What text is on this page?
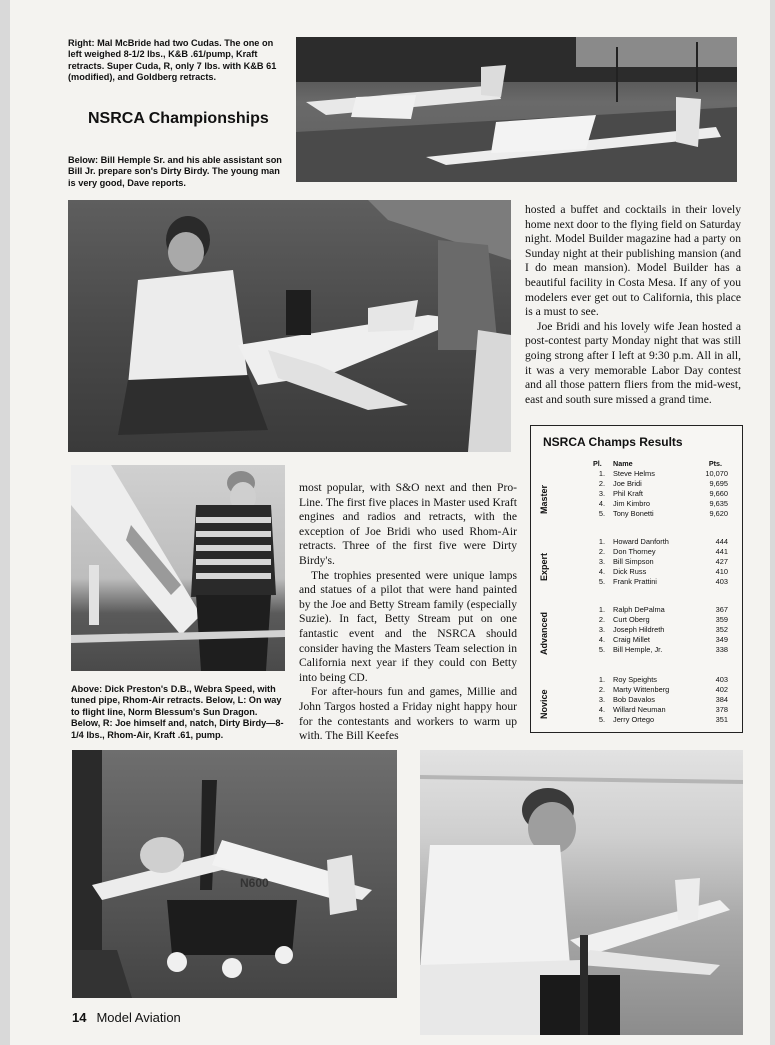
Right: Mal McBride had two Cudas. The one on left weighed 8-1/2 lbs., K&B .61/pump, Kraft retracts. Super Cuda, R, only 7 lbs. with K&B 61 (modified), and Goldberg retracts.
NSRCA Championships
Below: Bill Hemple Sr. and his able assistant son Bill Jr. prepare son's Dirty Birdy. The young man is very good, Dave reports.

hosted a buffet and cocktails in their lovely home next door to the flying field on Saturday night. Model Builder magazine had a party on Sunday night at their publishing mansion (and I do mean mansion). Model Builder has a beautiful facility in Costa Mesa. If any of you modelers ever get out to California, this place is a must to see.

Joe Bridi and his lovely wife Jean hosted a post-contest party Monday night that was still going strong after I left at 9:30 p.m. All in all, it was a very memorable Labor Day contest and all those pattern fliers from the mid-west, east and south sure missed a grand time.

NSRCA Champs Results
Pl. Name	Pts.
Master
1. Steve Helms	10,070
2. Joe Bridi	9,695
3. Phil Kraft	9,660
4. Jim Kimbro	9,635
5. Tony Bonetti	9,620
Expert
1. Howard Danforth	444
2. Don Thorney	441
3. Bill Simpson	427
4. Dick Russ	410
5. Frank Prattini	403
Advanced
1. Ralph DePalma	367
2. Curt Oberg	359
3. Joseph Hildreth	352
4. Craig Millet	349
5. Bill Hemple, Jr.	338
Novice
1. Roy Speights	403
2. Marty Wittenberg	402
3. Bob Davalos	384
4. Willard Neuman	378
5. Jerry Ortego	351
Above: Dick Preston's D.B., Webra Speed, with tuned pipe, Rhom-Air retracts. Below, L: On way to flight line, Norm Blessum's Sun Dragon. Below, R: Joe himself and, natch, Dirty Birdy—8-1/4 lbs., Rhom-Air, Kraft .61, pump.

most popular, with S&O next and then Pro-Line. The first five places in Master used Kraft engines and radios and retracts, with the exception of Joe Bridi who used Rhom-Air retracts. Three of the first five were Dirty Birdy's.

The trophies presented were unique lamps and statues of a pilot that were hand painted by the Joe and Betty Stream family (especially Suzie). In fact, Betty Stream put on one fantastic event and the NSRCA should consider having the Masters Team selection in California next year if they could con Betty into being CD.

For after-hours fun and games, Millie and John Targos hosted a Friday night happy hour for the contestants and workers to warm up with. The Bill Keefes

N600
14 Model Aviation
